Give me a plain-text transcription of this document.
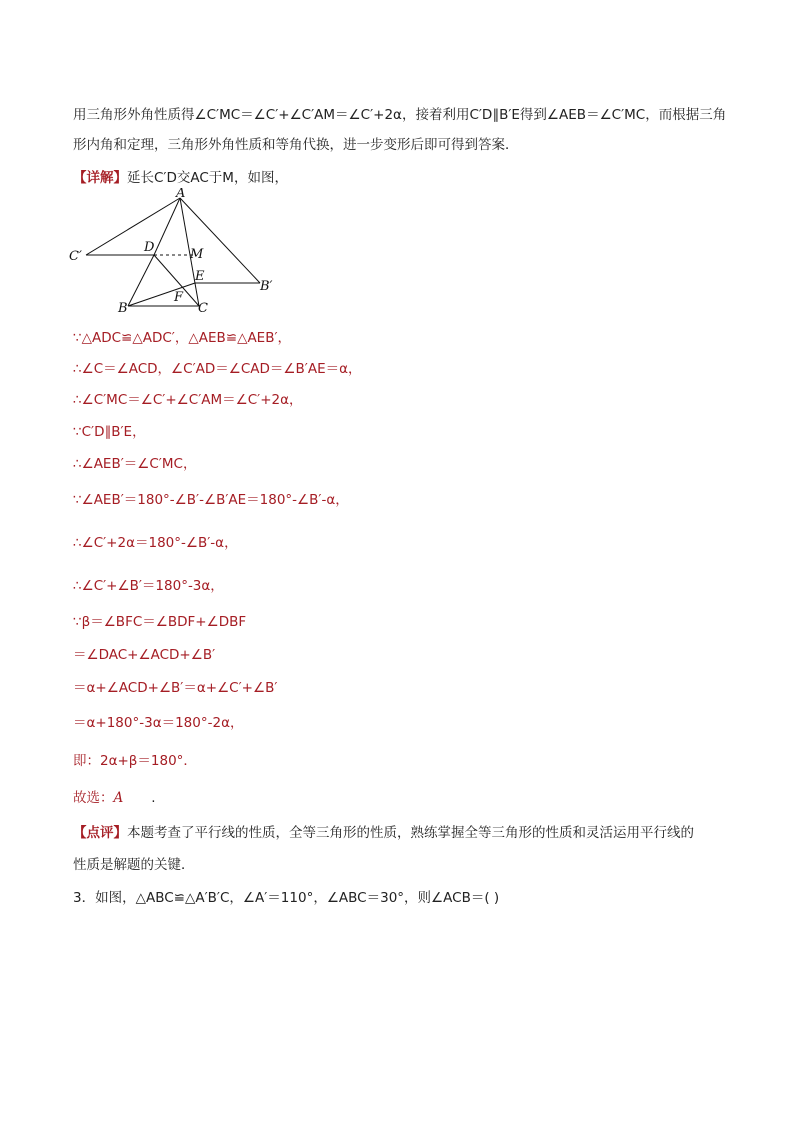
用三角形外角性质得∠C′MC＝∠C′+∠C′AM＝∠C′+2α，接着利用C′D∥B′E得到∠AEB＝∠C′MC，而根据三角
形内角和定理，三角形外角性质和等角代换，进一步变形后即可得到答案．
【详解】延长C′D交AC于M，如图，
A
C′
D	M
E
B′
F
B	C
∵△ADC≌△ADC′，△AEB≌△AEB′，
∴∠C＝∠ACD，∠C′AD＝∠CAD＝∠B′AE＝α，
∴∠C′MC＝∠C′+∠C′AM＝∠C′+2α，
∵C′D∥B′E，
∴∠AEB′＝∠C′MC，
∵∠AEB′＝180°-∠B′-∠B′AE＝180°-∠B′-α，
∴∠C′+2α＝180°-∠B′-α，
∴∠C′+∠B′＝180°-3α，
∵β＝∠BFC＝∠BDF+∠DBF
＝∠DAC+∠ACD+∠B′
＝α+∠ACD+∠B′＝α+∠C′+∠B′
＝α+180°-3α＝180°-2α，
即：2α+β＝180°．
故选：A .
【点评】本题考查了平行线的性质，全等三角形的性质，熟练掌握全等三角形的性质和灵活运用平行线的
性质是解题的关键．
3．如图，△ABC≌△A′B′C，∠A′＝110°，∠ABC＝30°，则∠ACB＝( )
